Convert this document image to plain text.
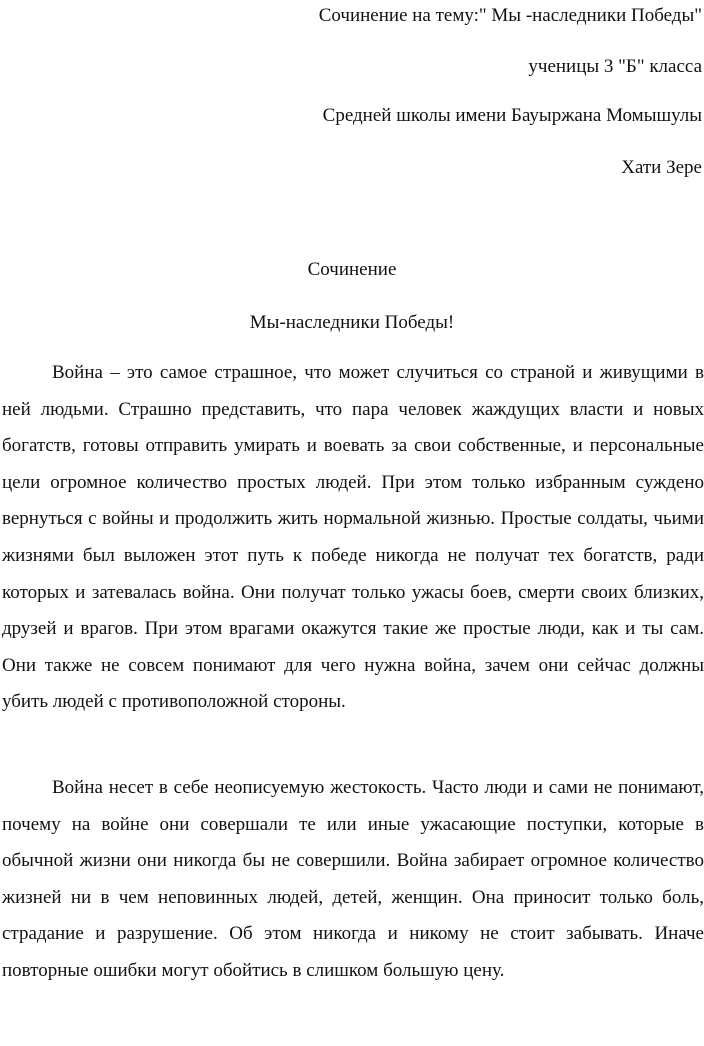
Сочинение на тему:" Мы -наследники Победы"
ученицы 3 "Б" класса
Средней школы имени Бауыржана Момышулы
Хати Зере
Сочинение
Мы-наследники Победы!

Война – это самое страшное, что может случиться со страной и живущими в ней людьми. Страшно представить, что пара человек жаждущих власти и новых богатств, готовы отправить умирать и воевать за свои собственные, и персональные цели огромное количество простых людей. При этом только избранным суждено вернуться с войны и продолжить жить нормальной жизнью. Простые солдаты, чьими жизнями был выложен этот путь к победе никогда не получат тех богатств, ради которых и затевалась война. Они получат только ужасы боев, смерти своих близких, друзей и врагов. При этом врагами окажутся такие же простые люди, как и ты сам. Они также не совсем понимают для чего нужна война, зачем они сейчас должны убить людей с противоположной стороны.

Война несет в себе неописуемую жестокость. Часто люди и сами не понимают, почему на войне они совершали те или иные ужасающие поступки, которые в обычной жизни они никогда бы не совершили. Война забирает огромное количество жизней ни в чем неповинных людей, детей, женщин. Она приносит только боль, страдание и разрушение. Об этом никогда и никому не стоит забывать. Иначе повторные ошибки могут обойтись в слишком большую цену.
